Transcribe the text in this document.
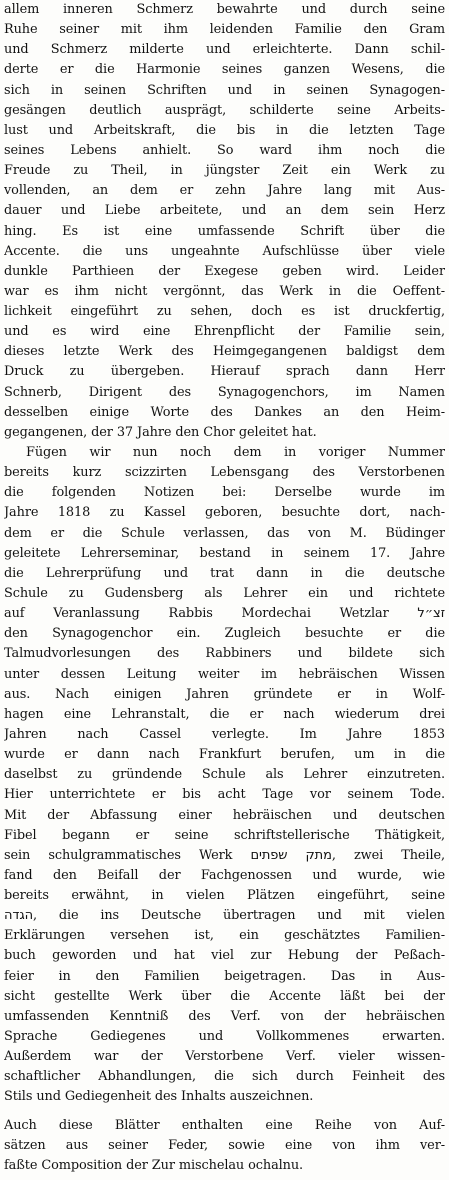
allem inneren Schmerz bewahrte und durch seine
Ruhe seiner mit ihm leidenden Familie den Gram
und Schmerz milderte und erleichterte. Dann schil-
derte er die Harmonie seines ganzen Wesens, die
sich in seinen Schriften und in seinen Synagogen-
gesängen deutlich ausprägt, schilderte seine Arbeits-
lust und Arbeitskraft, die bis in die letzten Tage
seines Lebens anhielt. So ward ihm noch die
Freude zu Theil, in jüngster Zeit ein Werk zu
vollenden, an dem er zehn Jahre lang mit Aus-
dauer und Liebe arbeitete, und an dem sein Herz
hing. Es ist eine umfassende Schrift über die
Accente. die uns ungeahnte Aufschlüsse über viele
dunkle Parthieen der Exegese geben wird. Leider
war es ihm nicht vergönnt, das Werk in die Oeffent-
lichkeit eingeführt zu sehen, doch es ist druckfertig,
und es wird eine Ehrenpflicht der Familie sein,
dieses letzte Werk des Heimgegangenen baldigst dem
Druck zu übergeben. Hierauf sprach dann Herr
Schnerb, Dirigent des Synagogenchors, im Namen
desselben einige Worte des Dankes an den Heim-
gegangenen, der 37 Jahre den Chor geleitet hat.
Fügen wir nun noch dem in voriger Nummer
bereits kurz scizzirten Lebensgang des Verstorbenen
die folgenden Notizen bei: Derselbe wurde im
Jahre 1818 zu Kassel geboren, besuchte dort, nach-
dem er die Schule verlassen, das von M. Büdinger
geleitete Lehrerseminar, bestand in seinem 17. Jahre
die Lehrerprüfung und trat dann in die deutsche
Schule zu Gudensberg als Lehrer ein und richtete
auf Veranlassung Rabbis Mordechai Wetzlar זצ״ל
den Synagogenchor ein. Zugleich besuchte er die
Talmudvorlesungen des Rabbiners und bildete sich
unter dessen Leitung weiter im hebräischen Wissen
aus. Nach einigen Jahren gründete er in Wolf-
hagen eine Lehranstalt, die er nach wiederum drei
Jahren nach Cassel verlegte. Im Jahre 1853
wurde er dann nach Frankfurt berufen, um in die
daselbst zu gründende Schule als Lehrer einzutreten.
Hier unterrichtete er bis acht Tage vor seinem Tode.
Mit der Abfassung einer hebräischen und deutschen
Fibel begann er seine schriftstellerische Thätigkeit,
sein schulgrammatisches Werk מתק שפתים, zwei Theile,
fand den Beifall der Fachgenossen und wurde, wie
bereits erwähnt, in vielen Plätzen eingeführt, seine
הגדה, die ins Deutsche übertragen und mit vielen
Erklärungen versehen ist, ein geschätztes Familien-
buch geworden und hat viel zur Hebung der Peßach-
feier in den Familien beigetragen. Das in Aus-
sicht gestellte Werk über die Accente läßt bei der
umfassenden Kenntniß des Verf. von der hebräischen
Sprache Gediegenes und Vollkommenes erwarten.
Außerdem war der Verstorbene Verf. vieler wissen-
schaftlicher Abhandlungen, die sich durch Feinheit des
Stils und Gediegenheit des Inhalts auszeichnen.
Auch diese Blätter enthalten eine Reihe von Auf-
sätzen aus seiner Feder, sowie eine von ihm ver-
faßte Composition der Zur mischelau ochalnu.
